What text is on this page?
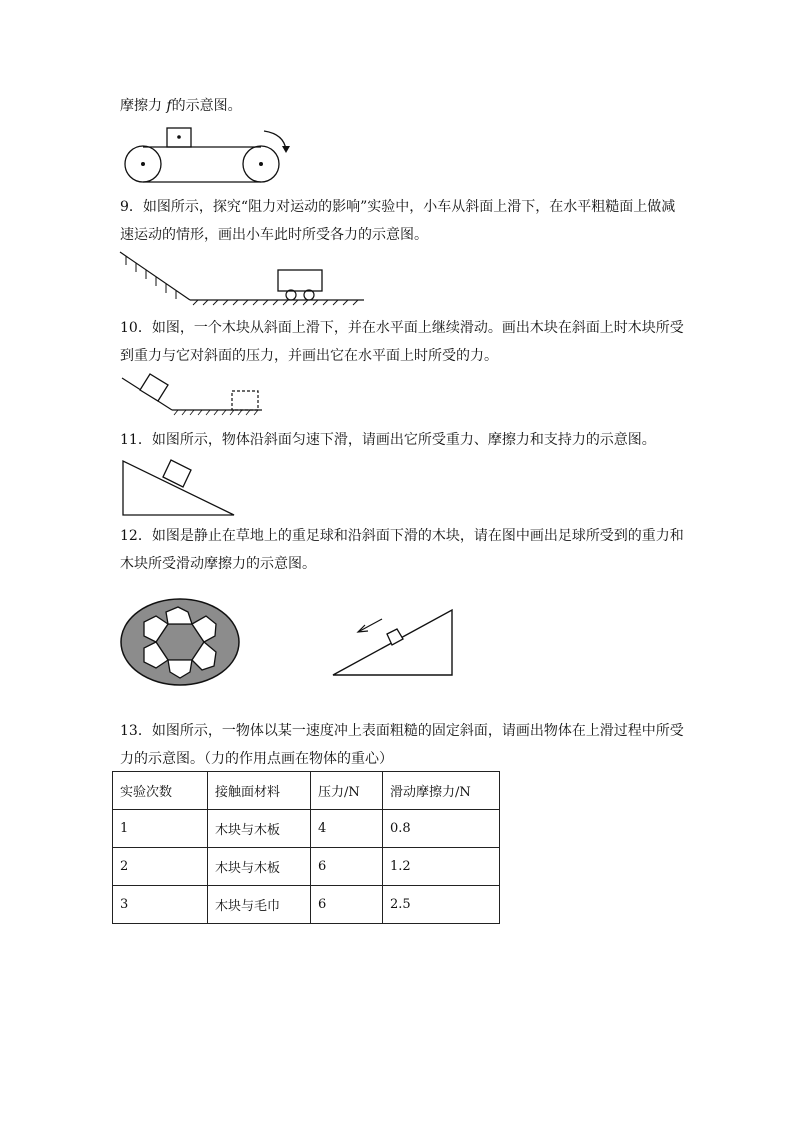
摩擦力 f的示意图。
9．如图所示，探究“阻力对运动的影响”实验中，小车从斜面上滑下，在水平粗糙面上做减
速运动的情形，画出小车此时所受各力的示意图。
10．如图，一个木块从斜面上滑下，并在水平面上继续滑动。画出木块在斜面上时木块所受
到重力与它对斜面的压力，并画出它在水平面上时所受的力。
11．如图所示，物体沿斜面匀速下滑，请画出它所受重力、摩擦力和支持力的示意图。
12．如图是静止在草地上的重足球和沿斜面下滑的木块，请在图中画出足球所受到的重力和
木块所受滑动摩擦力的示意图。
13．如图所示，一物体以某一速度冲上表面粗糙的固定斜面，请画出物体在上滑过程中所受
力的示意图。（力的作用点画在物体的重心）
实验次数	接触面材料	压力/N	滑动摩擦力/N
1	木块与木板	4	0.8
2	木块与木板	6	1.2
3	木块与毛巾	6	2.5
